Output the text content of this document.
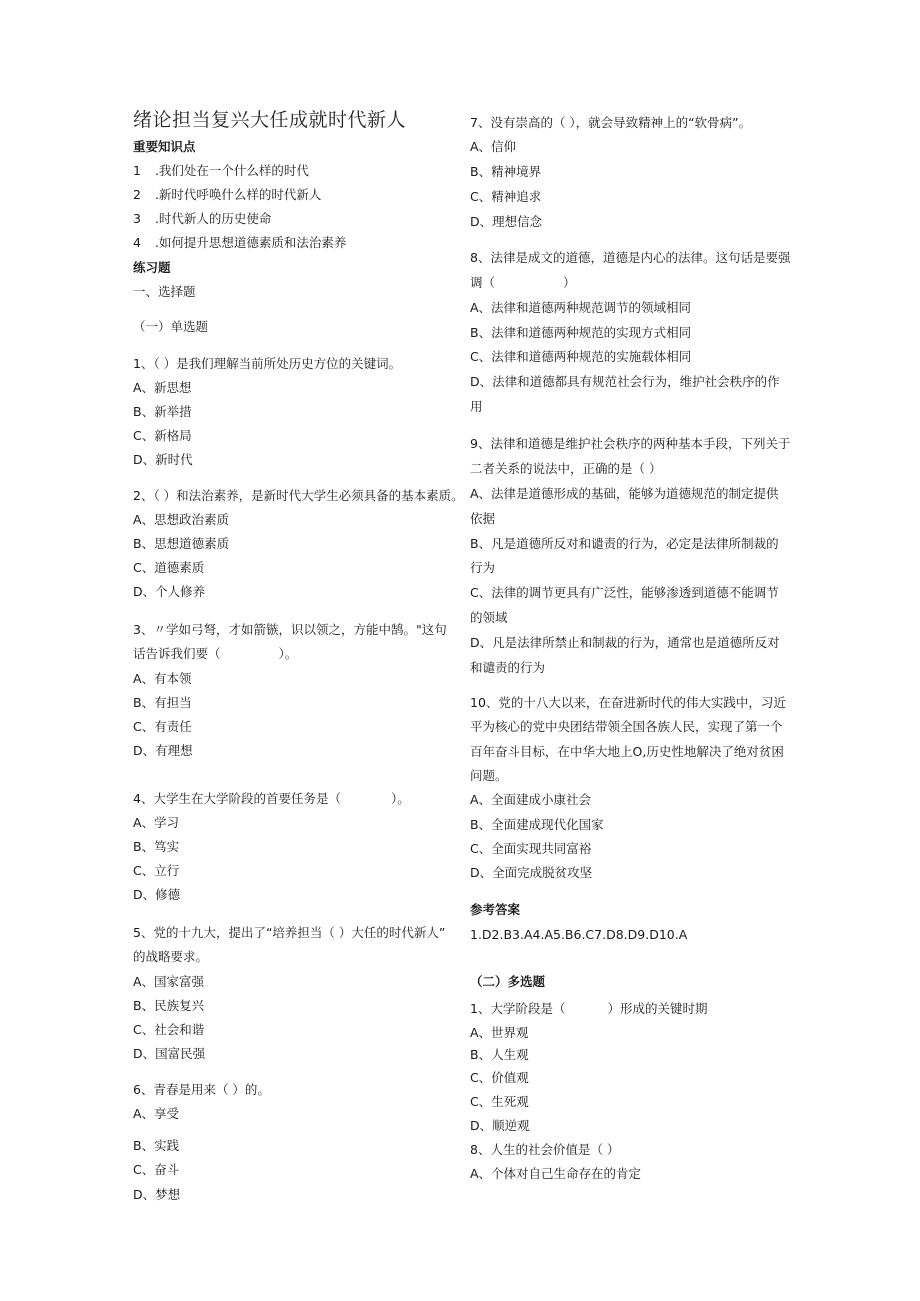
绪论担当复兴大任成就时代新人
重要知识点
1 .我们处在一个什么样的时代
2 .新时代呼唤什么样的时代新人
3 .时代新人的历史使命
4 .如何提升思想道德素质和法治素养
练习题
一、选择题
（一）单选题
1、（ ）是我们理解当前所处历史方位的关键词。
A、新思想
B、新举措
C、新格局
D、新时代
2、（ ）和法治素养，是新时代大学生必须具备的基本素质。
A、思想政治素质
B、思想道德素质
C、道德素质
D、个人修养
3、〃学如弓弩，才如箭镞，识以领之，方能中鹄。"这句
话告诉我们要（	）。
A、有本领
B、有担当
C、有责任
D、有理想
4、大学生在大学阶段的首要任务是（	）。
A、学习
B、笃实
C、立行
D、修德
5、党的十九大，提出了“培养担当（ ）大任的时代新人”
的战略要求。
A、国家富强
B、民族复兴
C、社会和谐
D、国富民强
6、青春是用来（ ）的。
A、享受
B、实践
C、奋斗
D、梦想
7、没有崇高的（ ），就会导致精神上的“软骨病”。
A、信仰
B、精神境界
C、精神追求
D、理想信念
8、法律是成文的道德，道德是内心的法律。这句话是要强
调（	）
A、法律和道德两种规范调节的领域相同
B、法律和道德两种规范的实现方式相同
C、法律和道德两种规范的实施载体相同
D、法律和道德都具有规范社会行为，维护社会秩序的作
用
9、法律和道德是维护社会秩序的两种基本手段，下列关于
二者关系的说法中，正确的是（ ）
A、法律是道德形成的基础，能够为道德规范的制定提供
依据
B、凡是道德所反对和谴责的行为，必定是法律所制裁的
行为
C、法律的调节更具有广泛性，能够渗透到道德不能调节
的领域
D、凡是法律所禁止和制裁的行为，通常也是道德所反对
和谴责的行为
10、党的十八大以来，在奋进新时代的伟大实践中，习近
平为核心的党中央团结带领全国各族人民，实现了第一个
百年奋斗目标，在中华大地上O,历史性地解决了绝对贫困
问题。
A、全面建成小康社会
B、全面建成现代化国家
C、全面实现共同富裕
D、全面完成脱贫攻坚
参考答案
1.D2.B3.A4.A5.B6.C7.D8.D9.D10.A
（二）多选题
1、大学阶段是（	）形成的关键时期
A、世界观
B、人生观
C、价值观
C、生死观
D、顺逆观
8、人生的社会价值是（ ）
A、个体对自己生命存在的肯定
